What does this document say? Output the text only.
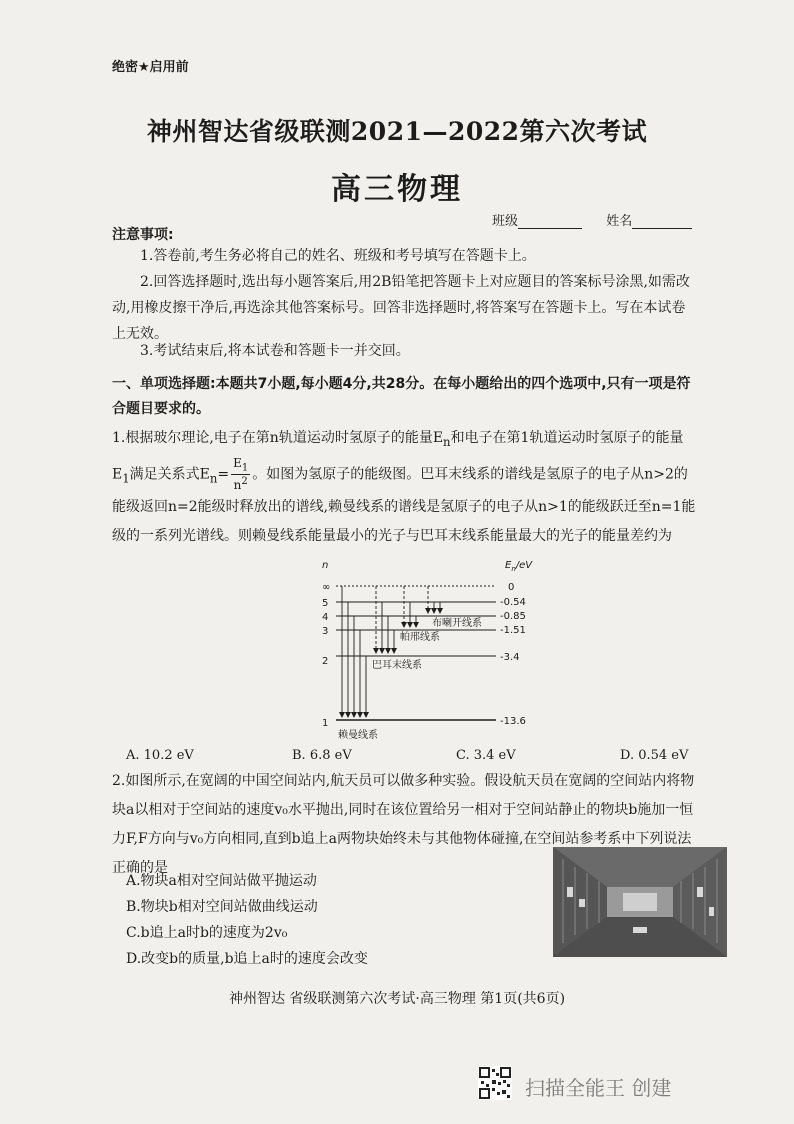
绝密★启用前
神州智达省级联测2021—2022第六次考试
高三物理
班级	姓名
注意事项:
1.答卷前,考生务必将自己的姓名、班级和考号填写在答题卡上。
2.回答选择题时,选出每小题答案后,用2B铅笔把答题卡上对应题目的答案标号涂黑,如需改动,用橡皮擦干净后,再选涂其他答案标号。回答非选择题时,将答案写在答题卡上。写在本试卷上无效。
3.考试结束后,将本试卷和答题卡一并交回。
一、单项选择题:本题共7小题,每小题4分,共28分。在每小题给出的四个选项中,只有一项是符合题目要求的。
1.根据玻尔理论,电子在第n轨道运动时氢原子的能量$E_n$和电子在第1轨道运动时氢原子的能量$E_1$满足关系式$E_n= \frac{E_1}{n^2}$ 。如图为氢原子的能级图。巴耳末线系的谱线是氢原子的电子从n>2的能级返回n=2能级时释放出的谱线,赖曼线系的谱线是氢原子的电子从n>1的能级跃迁至n=1能级的一系列光谱线。则赖曼线系能量最小的光子与巴耳末线系能量最大的光子的能量差约为
n	$E_n/eV$
∞
5
4
3
2
1
0
-0.54
-0.85
-1.51
-3.4
-13.6
布喇开线系
帕邢线系
巴耳末线系
赖曼线系
A. 10.2 eV	B. 6.8 eV	C. 3.4 eV	D. 0.54 eV
2.如图所示,在宽阔的中国空间站内,航天员可以做多种实验。假设航天员在宽阔的空间站内将物块a以相对于空间站的速度v₀水平抛出,同时在该位置给另一相对于空间站静止的物块b施加一恒力F,F方向与v₀方向相同,直到b追上a两物块始终未与其他物体碰撞,在空间站参考系中下列说法正确的是
A.物块a相对空间站做平抛运动
B.物块b相对空间站做曲线运动
C.b追上a时b的速度为2v₀
D.改变b的质量,b追上a时的速度会改变
神州智达 省级联测第六次考试·高三物理 第1页(共6页)
扫描全能王 创建
